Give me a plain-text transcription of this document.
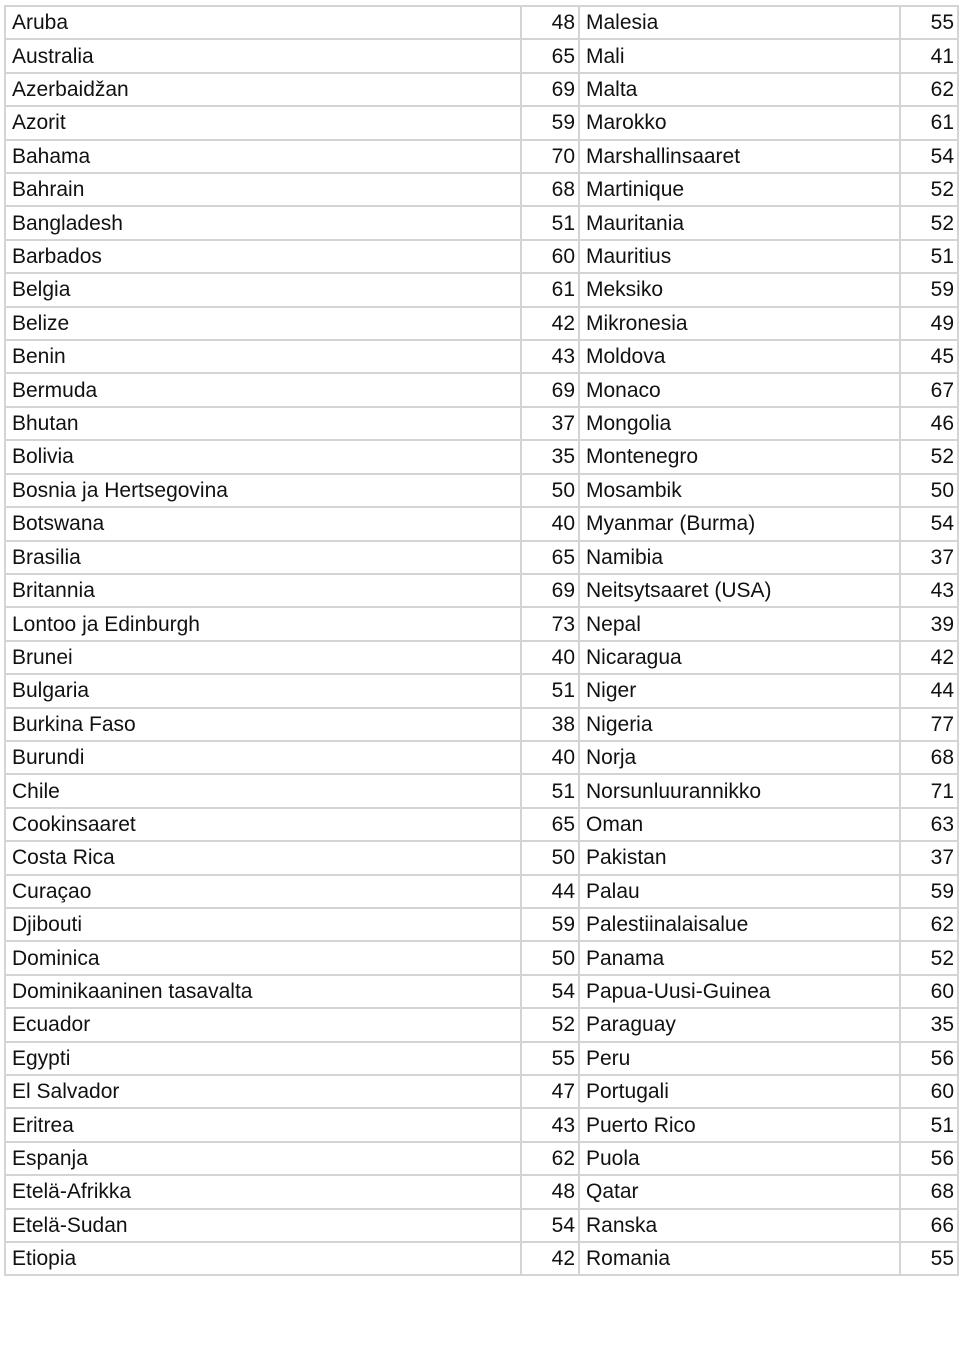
Aruba	48	Malesia	55
Australia	65	Mali	41
Azerbaidžan	69	Malta	62
Azorit	59	Marokko	61
Bahama	70	Marshallinsaaret	54
Bahrain	68	Martinique	52
Bangladesh	51	Mauritania	52
Barbados	60	Mauritius	51
Belgia	61	Meksiko	59
Belize	42	Mikronesia	49
Benin	43	Moldova	45
Bermuda	69	Monaco	67
Bhutan	37	Mongolia	46
Bolivia	35	Montenegro	52
Bosnia ja Hertsegovina	50	Mosambik	50
Botswana	40	Myanmar (Burma)	54
Brasilia	65	Namibia	37
Britannia	69	Neitsytsaaret (USA)	43
Lontoo ja Edinburgh	73	Nepal	39
Brunei	40	Nicaragua	42
Bulgaria	51	Niger	44
Burkina Faso	38	Nigeria	77
Burundi	40	Norja	68
Chile	51	Norsunluurannikko	71
Cookinsaaret	65	Oman	63
Costa Rica	50	Pakistan	37
Curaçao	44	Palau	59
Djibouti	59	Palestiinalaisalue	62
Dominica	50	Panama	52
Dominikaaninen tasavalta	54	Papua-Uusi-Guinea	60
Ecuador	52	Paraguay	35
Egypti	55	Peru	56
El Salvador	47	Portugali	60
Eritrea	43	Puerto Rico	51
Espanja	62	Puola	56
Etelä-Afrikka	48	Qatar	68
Etelä-Sudan	54	Ranska	66
Etiopia	42	Romania	55
